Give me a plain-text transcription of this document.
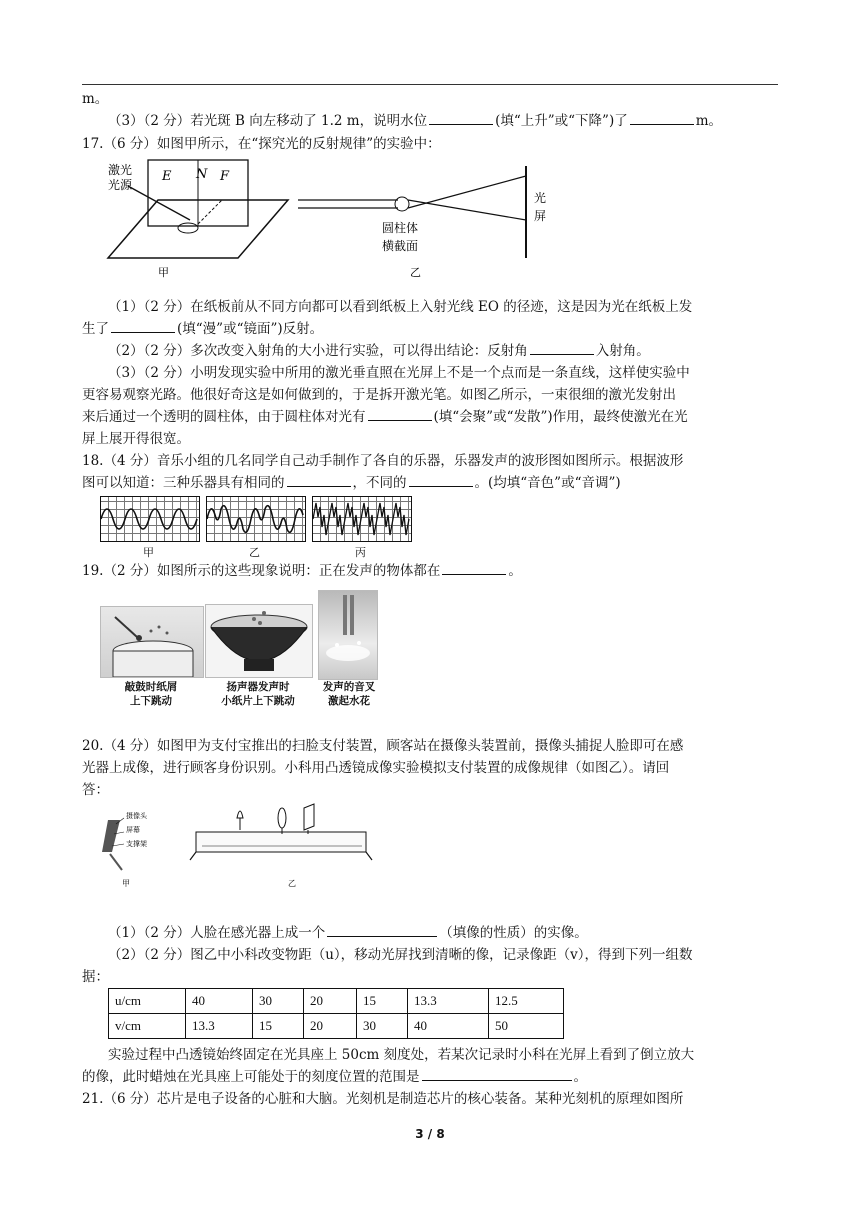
m。
（3）（2 分）若光斑 B 向左移动了 1.2 m，说明水位	(填“上升”或“下降”)了	m。
17.（6 分）如图甲所示，在“探究光的反射规律”的实验中：
激光
光源
E N F
甲
圆柱体
横截面
光
屏
乙
（1）（2 分）在纸板前从不同方向都可以看到纸板上入射光线 EO 的径迹，这是因为光在纸板上发
生了	(填“漫”或“镜面”)反射。
（2）（2 分）多次改变入射角的大小进行实验，可以得出结论：反射角	入射角。
（3）（2 分）小明发现实验中所用的激光垂直照在光屏上不是一个点而是一条直线，这样使实验中
更容易观察光路。他很好奇这是如何做到的，于是拆开激光笔。如图乙所示，一束很细的激光发射出
来后通过一个透明的圆柱体，由于圆柱体对光有	(填“会聚”或“发散”)作用，最终使激光在光
屏上展开得很宽。
18.（4 分）音乐小组的几名同学自己动手制作了各自的乐器，乐器发声的波形图如图所示。根据波形
图可以知道：三种乐器具有相同的	，不同的	。(均填“音色”或“音调”)
甲	乙	丙
19.（2 分）如图所示的这些现象说明：正在发声的物体都在	。
敲鼓时纸屑
上下跳动
扬声器发声时
小纸片上下跳动
发声的音叉
激起水花
20.（4 分）如图甲为支付宝推出的扫脸支付装置，顾客站在摄像头装置前，摄像头捕捉人脸即可在感
光器上成像，进行顾客身份识别。小科用凸透镜成像实验模拟支付装置的成像规律（如图乙）。请回
答：
摄像头
屏幕
支撑架
甲	乙
（1）（2 分）人脸在感光器上成一个	（填像的性质）的实像。
（2）（2 分）图乙中小科改变物距（u），移动光屏找到清晰的像，记录像距（v），得到下列一组数
据：
u/cm	40	30	20	15	13.3	12.5
v/cm	13.3	15	20	30	40	50
实验过程中凸透镜始终固定在光具座上 50cm 刻度处，若某次记录时小科在光屏上看到了倒立放大
的像，此时蜡烛在光具座上可能处于的刻度位置的范围是	。
21.（6 分）芯片是电子设备的心脏和大脑。光刻机是制造芯片的核心装备。某种光刻机的原理如图所
3 / 8
